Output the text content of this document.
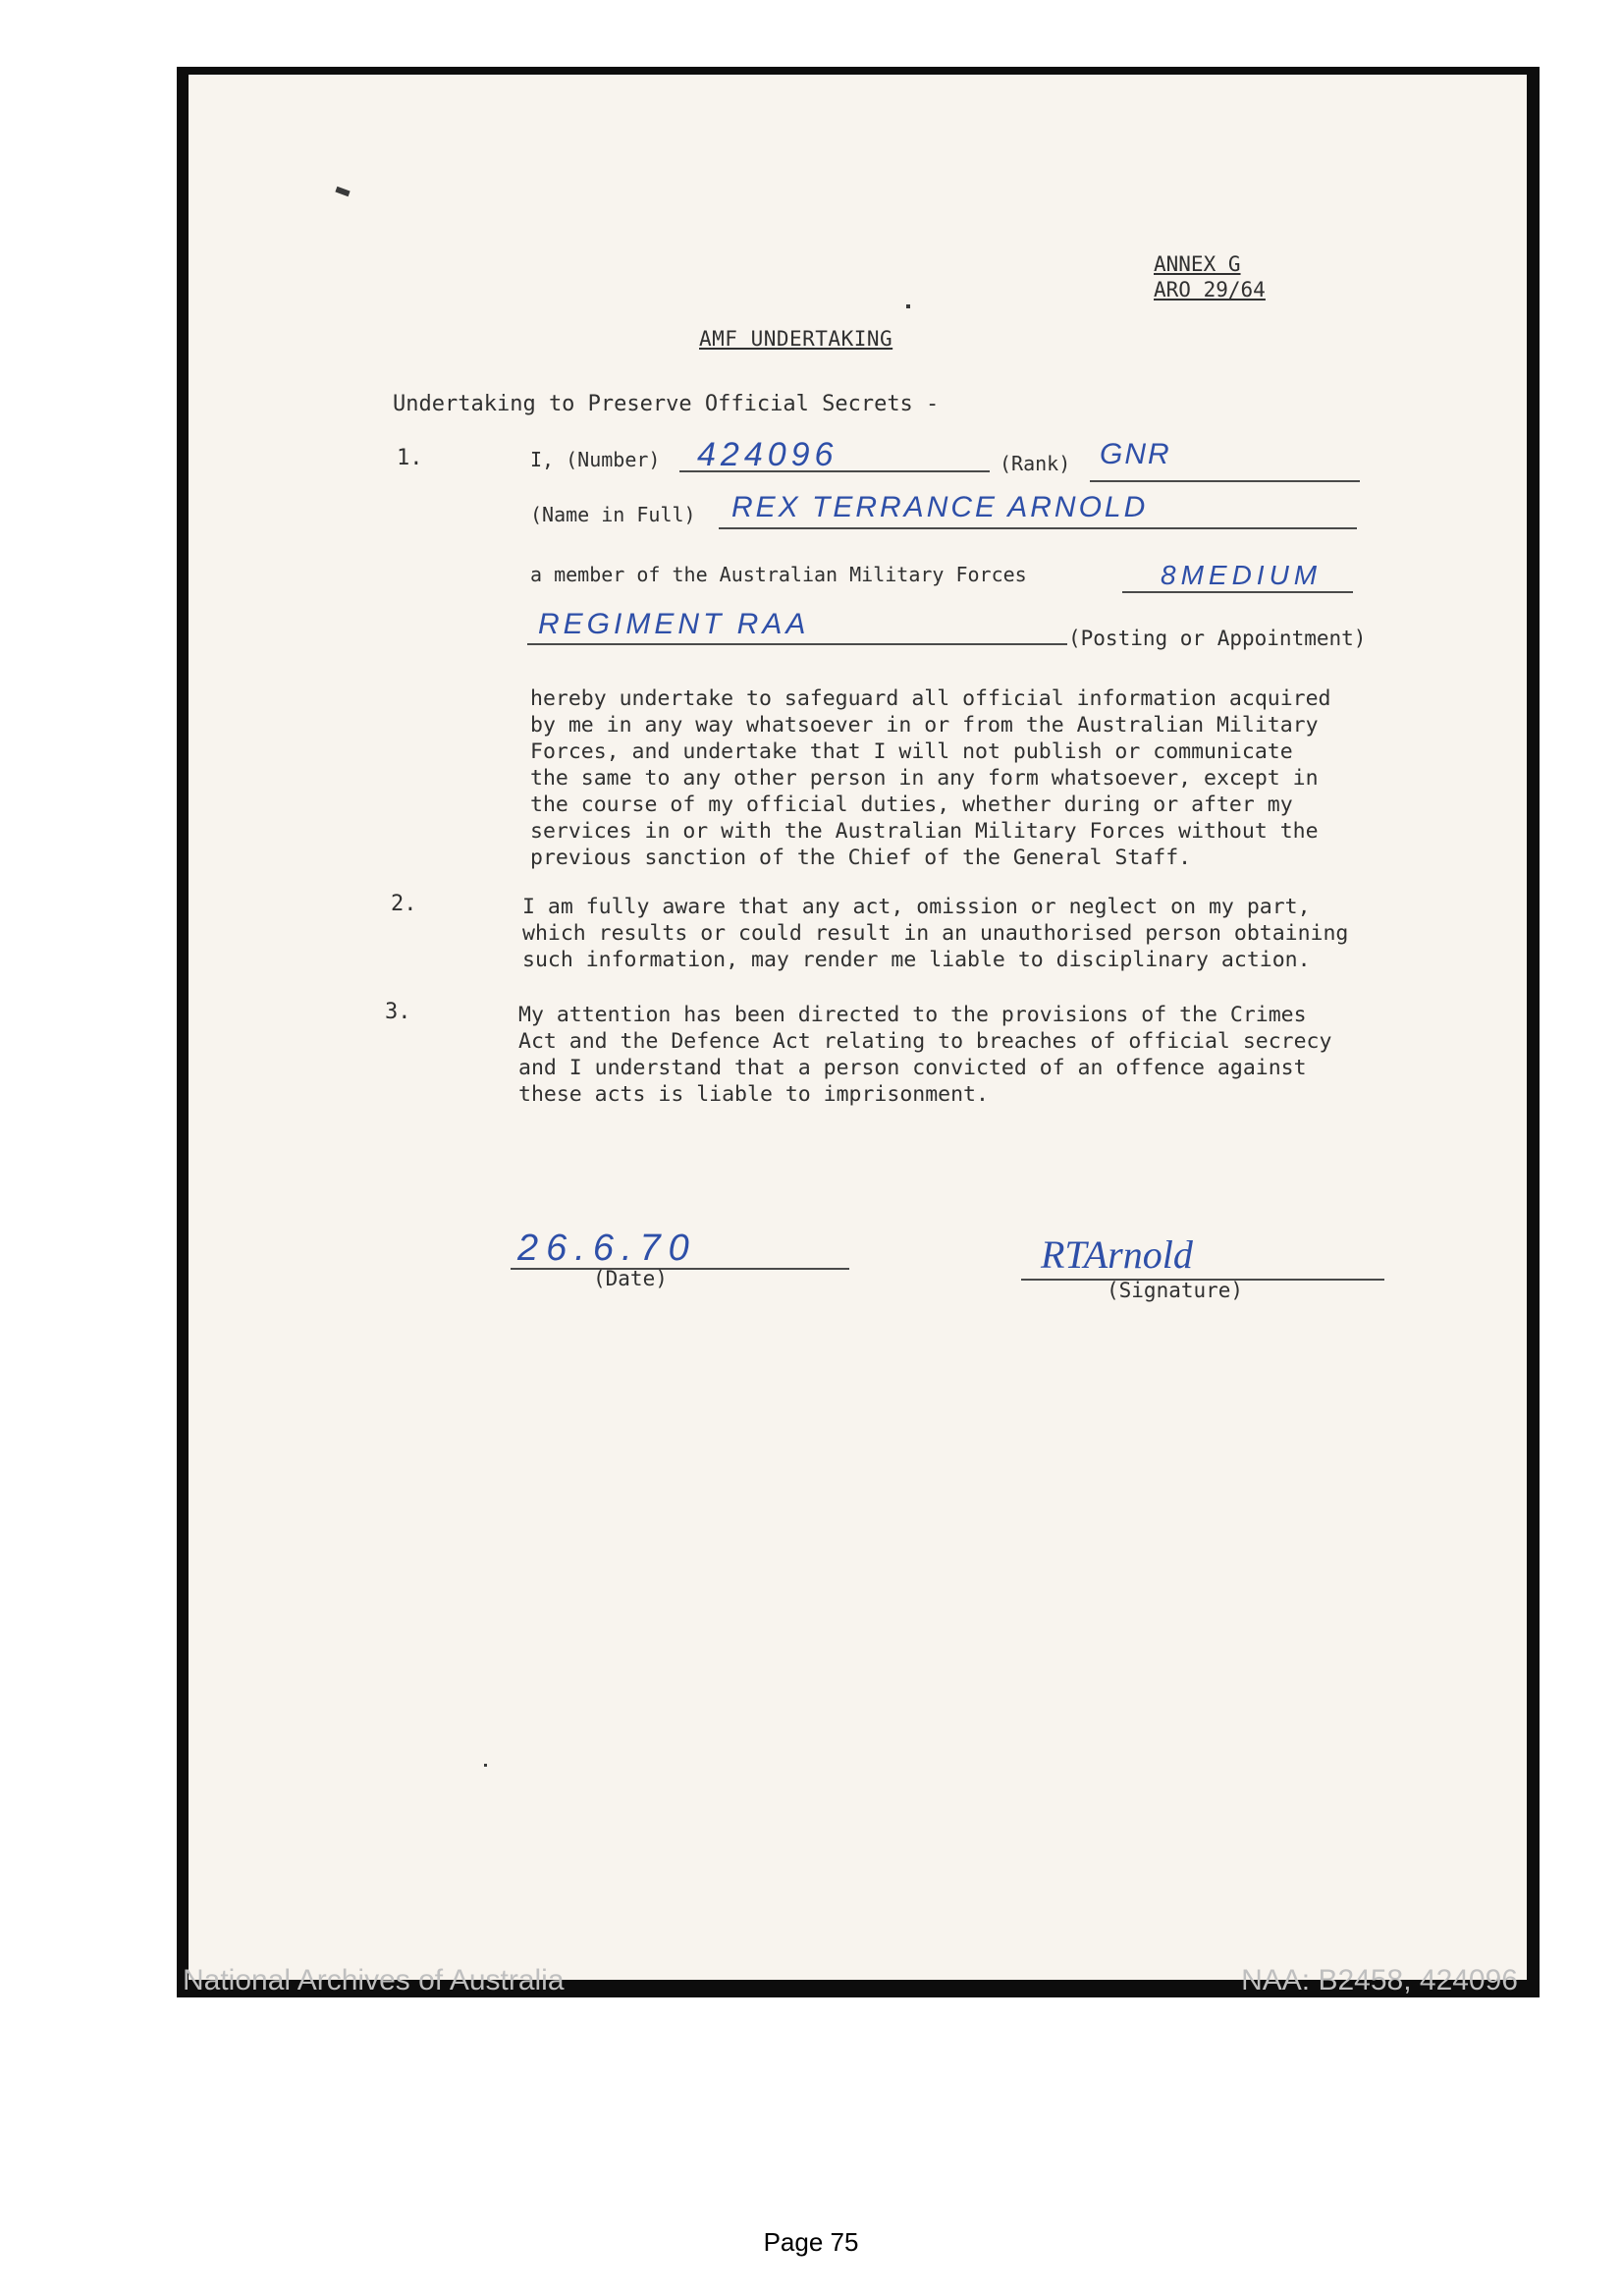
ANNEX G
ARO 29/64
AMF UNDERTAKING
Undertaking to Preserve Official Secrets -
1.	I, (Number) 424096	(Rank) GNR
(Name in Full) REX TERRANCE ARNOLD
a member of the Australian Military Forces	8MEDIUM
REGIMENT RAA	(Posting or Appointment)
hereby undertake to safeguard all official information acquired
by me in any way whatsoever in or from the Australian Military
Forces, and undertake that I will not publish or communicate
the same to any other person in any form whatsoever, except in
the course of my official duties, whether during or after my
services in or with the Australian Military Forces without the
previous sanction of the Chief of the General Staff.
2.	I am fully aware that any act, omission or neglect on my part,
which results or could result in an unauthorised person obtaining
such information, may render me liable to disciplinary action.
3.	My attention has been directed to the provisions of the Crimes
Act and the Defence Act relating to breaches of official secrecy
and I understand that a person convicted of an offence against
these acts is liable to imprisonment.
26.6.70
(Date)
RTArnold
(Signature)
National Archives of Australia	NAA: B2458, 424096
Page 75
